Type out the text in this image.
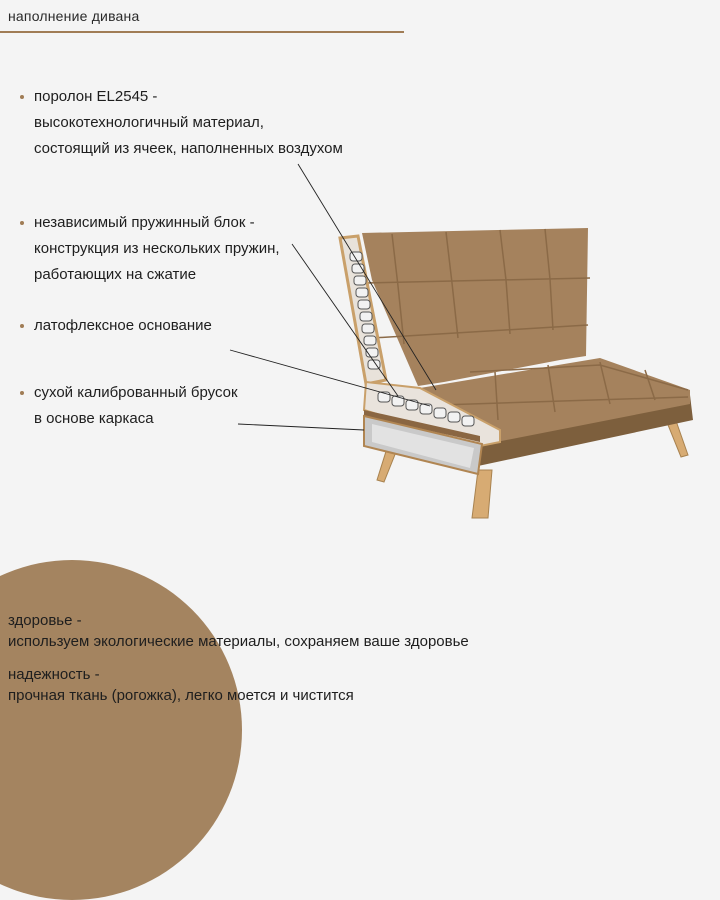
наполнение дивана
поролон EL2545 -
высокотехнологичный материал,
состоящий из ячеек, наполненных воздухом
независимый пружинный блок -
конструкция из нескольких пружин,
работающих на сжатие
латофлексное основание
сухой калиброванный брусок
в основе каркаса
здоровье -
используем экологические материалы, сохраняем ваше здоровье
надежность -
прочная ткань (рогожка), легко моется и чистится
